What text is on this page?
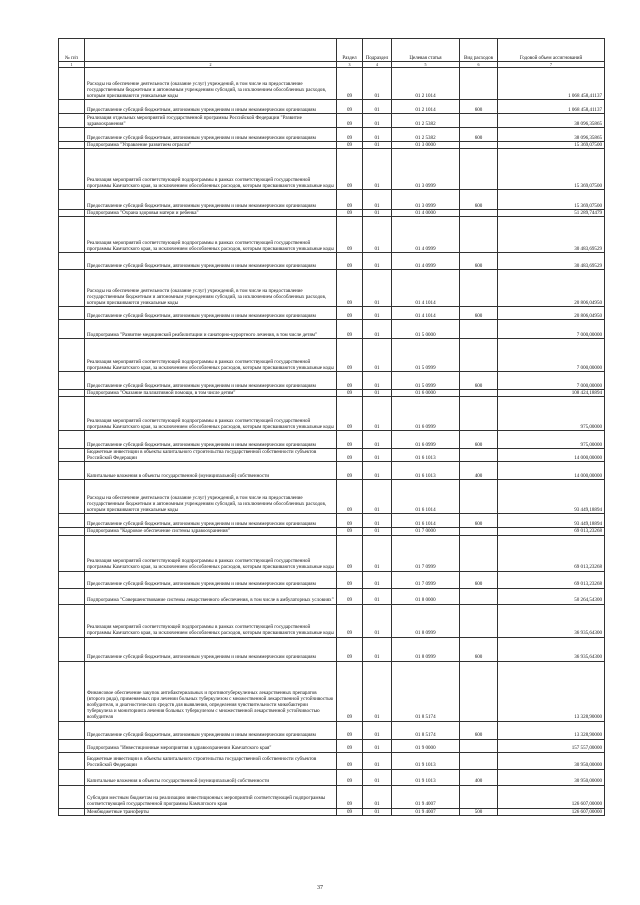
№ п/п		Раздел	Подраздел	Целевая статья	Вид расходов	Годовой объем ассигнований
1	2	3	4	5	6	7
	Расходы на обеспечение деятельности (оказание услуг) учреждений, в том числе на предоставление государственным бюджетным и автономным учреждениям субсидий, за исключением обособленных расходов, которым присваиваются уникальные коды	09	01	01 2 1014		1 068 458,41137
	Предоставление субсидий бюджетным, автономным учреждениям и иным некоммерческим организациям	09	01	01 2 1014	600	1 068 458,41137
	Реализация отдельных мероприятий государственной программы Российской Федерации "Развитие здравоохранения"	09	01	01 2 5382		38 096,35865
	Предоставление субсидий бюджетным, автономным учреждениям и иным некоммерческим организациям	09	01	01 2 5382	600	38 096,35865
	Подпрограмма "Управление развитием отрасли"	09	01	01 3 0000		15 369,07500
	Реализация мероприятий соответствующей подпрограммы в рамках соответствующей государственной программы Камчатского края, за исключением обособленных расходов, которым присваиваются уникальные коды	09	01	01 3 0999		15 369,07500
	Предоставление субсидий бюджетным, автономным учреждениям и иным некоммерческим организациям	09	01	01 3 0999	600	15 369,07500
	Подпрограмма "Охрана здоровья матери и ребенка"	09	01	01 4 0000		51 289,74479
	Реализация мероприятий соответствующей подпрограммы в рамках соответствующей государственной программы Камчатского края, за исключением обособленных расходов, которым присваиваются уникальные коды	09	01	01 4 0999		30 483,69529
	Предоставление субсидий бюджетным, автономным учреждениям и иным некоммерческим организациям	09	01	01 4 0999	600	30 483,69529
	Расходы на обеспечение деятельности (оказание услуг) учреждений, в том числе на предоставление государственным бюджетным и автономным учреждениям субсидий, за исключением обособленных расходов, которым присваиваются уникальные коды	09	01	01 4 1014		20 806,04950
	Предоставление субсидий бюджетным, автономным учреждениям и иным некоммерческим организациям	09	01	01 4 1014	600	20 806,04950
	Подпрограмма "Развитие медицинской реабилитации и санаторно-курортного лечения, в том числе детям"	09	01	01 5 0000		7 000,00000
	Реализация мероприятий соответствующей подпрограммы в рамках соответствующей государственной программы Камчатского края, за исключением обособленных расходов, которым присваиваются уникальные коды	09	01	01 5 0999		7 000,00000
	Предоставление субсидий бюджетным, автономным учреждениям и иным некоммерческим организациям	09	01	01 5 0999	600	7 000,00000
	Подпрограмма "Оказание паллиативной помощи, в том числе детям"	09	01	01 6 0000		108 424,18894
	Реализация мероприятий соответствующей подпрограммы в рамках соответствующей государственной программы Камчатского края, за исключением обособленных расходов, которым присваиваются уникальные коды	09	01	01 6 0999		975,00000
	Предоставление субсидий бюджетным, автономным учреждениям и иным некоммерческим организациям	09	01	01 6 0999	600	975,00000
	Бюджетные инвестиции в объекты капитального строительства государственной собственности субъектов Российской Федерации	09	01	01 6 1013		14 000,00000
	Капитальные вложения в объекты государственной (муниципальной) собственности	09	01	01 6 1013	400	14 000,00000
	Расходы на обеспечение деятельности (оказание услуг) учреждений, в том числе на предоставление государственным бюджетным и автономным учреждениям субсидий, за исключением обособленных расходов, которым присваиваются уникальные коды	09	01	01 6 1014		93 449,18894
	Предоставление субсидий бюджетным, автономным учреждениям и иным некоммерческим организациям	09	01	01 6 1014	600	93 449,18894
	Подпрограмма "Кадровое обеспечение системы здравоохранения"	09	01	01 7 0000		69 013,23268
	Реализация мероприятий соответствующей подпрограммы в рамках соответствующей государственной программы Камчатского края, за исключением обособленных расходов, которым присваиваются уникальные коды	09	01	01 7 0999		69 013,23268
	Предоставление субсидий бюджетным, автономным учреждениям и иным некоммерческим организациям	09	01	01 7 0999	600	69 013,23268
	Подпрограмма "Совершенствование системы лекарственного обеспечения, в том числе в амбулаторных условиях"	09	01	01 8 0000		50 264,54300
	Реализация мероприятий соответствующей подпрограммы в рамках соответствующей государственной программы Камчатского края, за исключением обособленных расходов, которым присваиваются уникальные коды	09	01	01 8 0999		36 935,64300
	Предоставление субсидий бюджетным, автономным учреждениям и иным некоммерческим организациям	09	01	01 8 0999	600	36 935,64300
	Финансовое обеспечение закупок антибактериальных и противотуберкулезных лекарственных препаратов (второго ряда), применяемых при лечении больных туберкулезом с множественной лекарственной устойчивостью возбудителя, и диагностических средств для выявления, определения чувствительности микобактерии туберкулеза и мониторинга лечения больных туберкулезом с множественной лекарственной устойчивостью возбудителя	09	01	01 8 5174		13 328,90000
	Предоставление субсидий бюджетным, автономным учреждениям и иным некоммерческим организациям	09	01	01 8 5174	600	13 328,90000
	Подпрограмма "Инвестиционные мероприятия в здравоохранении Камчатского края"	09	01	01 9 0000		157 557,00000
	Бюджетные инвестиции в объекты капитального строительства государственной собственности субъектов Российской Федерации	09	01	01 9 1013		30 950,00000
	Капитальные вложения в объекты государственной (муниципальной) собственности	09	01	01 9 1013	400	30 950,00000
	Субсидии местным бюджетам на реализацию инвестиционных мероприятий соответствующей подпрограммы соответствующей государственной программы Камчатского края	09	01	01 9 4007		126 607,00000
	Межбюджетные трансферты	09	01	01 9 4007	500	126 607,00000
37
